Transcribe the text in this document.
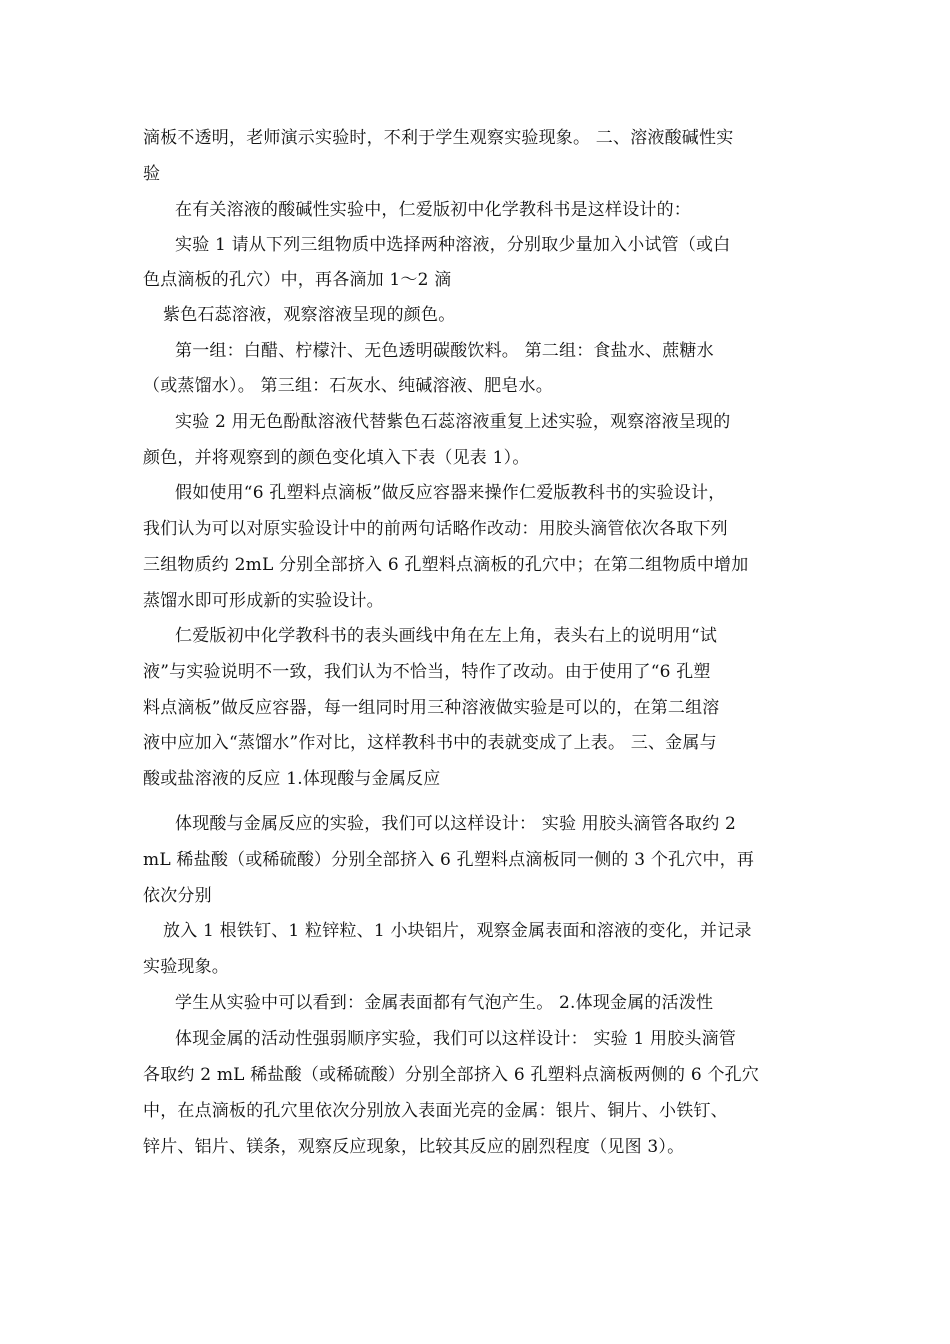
滴板不透明，老师演示实验时，不利于学生观察实验现象。 二、溶液酸碱性实
验
在有关溶液的酸碱性实验中，仁爱版初中化学教科书是这样设计的：
实验 1 请从下列三组物质中选择两种溶液，分别取少量加入小试管（或白
色点滴板的孔穴）中，再各滴加 1～2 滴
紫色石蕊溶液，观察溶液呈现的颜色。
第一组：白醋、柠檬汁、无色透明碳酸饮料。 第二组：食盐水、蔗糖水
（或蒸馏水）。 第三组：石灰水、纯碱溶液、肥皂水。
实验 2 用无色酚酞溶液代替紫色石蕊溶液重复上述实验，观察溶液呈现的
颜色，并将观察到的颜色变化填入下表（见表 1）。
假如使用“6 孔塑料点滴板”做反应容器来操作仁爱版教科书的实验设计，
我们认为可以对原实验设计中的前两句话略作改动：用胶头滴管依次各取下列
三组物质约 2mL 分别全部挤入 6 孔塑料点滴板的孔穴中；在第二组物质中增加
蒸馏水即可形成新的实验设计。
仁爱版初中化学教科书的表头画线中角在左上角，表头右上的说明用“试
液”与实验说明不一致，我们认为不恰当，特作了改动。由于使用了“6 孔塑
料点滴板”做反应容器，每一组同时用三种溶液做实验是可以的，在第二组溶
液中应加入“蒸馏水”作对比，这样教科书中的表就变成了上表。 三、金属与
酸或盐溶液的反应 1.体现酸与金属反应
体现酸与金属反应的实验，我们可以这样设计： 实验 用胶头滴管各取约 2
mL 稀盐酸（或稀硫酸）分别全部挤入 6 孔塑料点滴板同一侧的 3 个孔穴中，再
依次分别
放入 1 根铁钉、1 粒锌粒、1 小块铝片，观察金属表面和溶液的变化，并记录
实验现象。
学生从实验中可以看到：金属表面都有气泡产生。 2.体现金属的活泼性
体现金属的活动性强弱顺序实验，我们可以这样设计： 实验 1 用胶头滴管
各取约 2 mL 稀盐酸（或稀硫酸）分别全部挤入 6 孔塑料点滴板两侧的 6 个孔穴
中，在点滴板的孔穴里依次分别放入表面光亮的金属：银片、铜片、小铁钉、
锌片、铝片、镁条，观察反应现象，比较其反应的剧烈程度（见图 3）。
